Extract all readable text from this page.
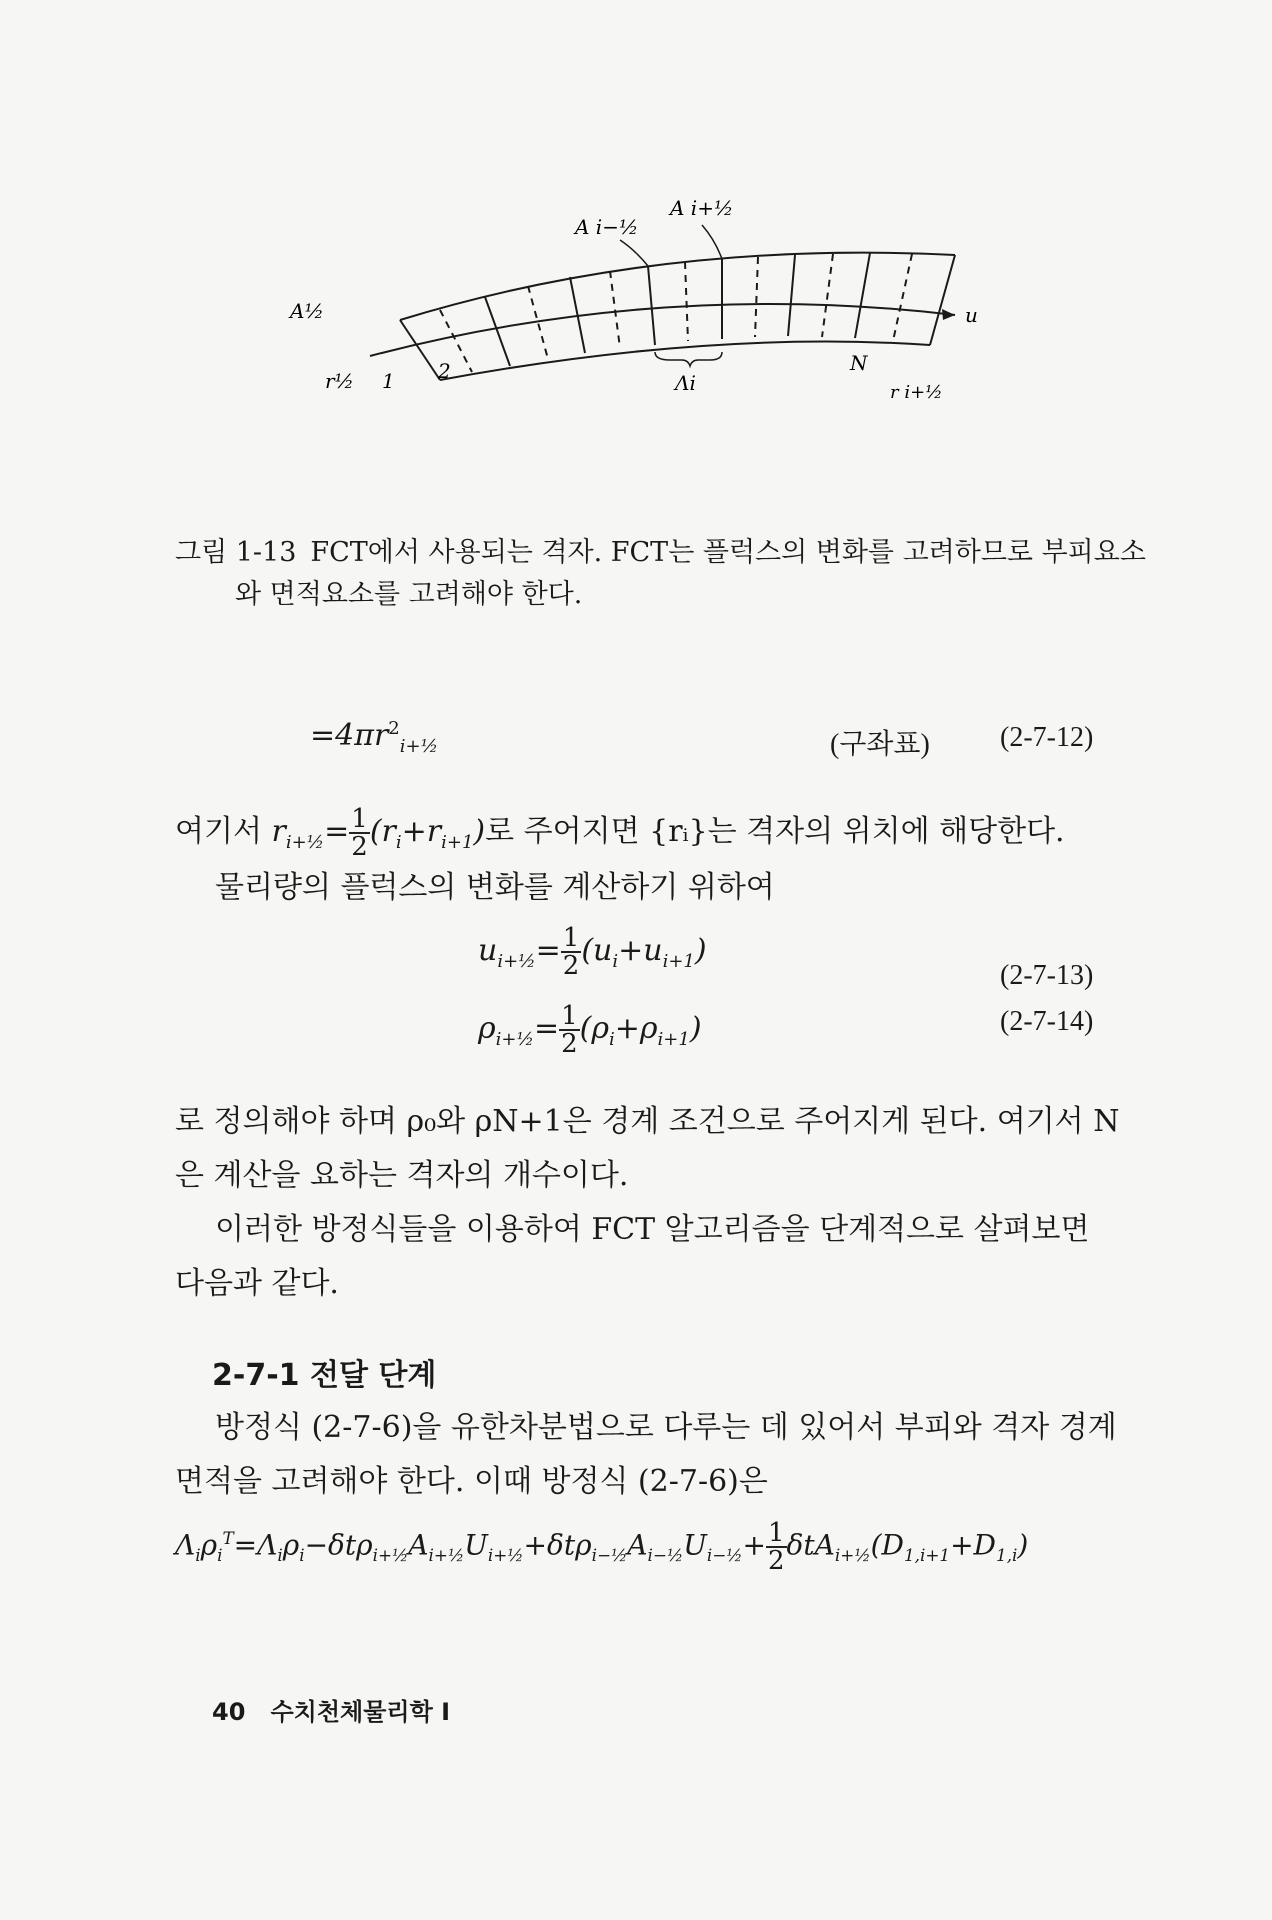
A½
A i−½
A i+½
u
r½ 1 2	Λi
N
r i+½
그림 1-13 FCT에서 사용되는 격자. FCT는 플럭스의 변화를 고려하므로 부피요소
와 면적요소를 고려해야 한다.
$=4\pi r^2_{i+\frac{1}{2}}$	(구좌표)	(2-7-12)
여기서 $r_{i+\frac{1}{2}}= \frac{1}{2} (r_i+r_{i+1})$로 주어지면 {rᵢ}는 격자의 위치에 해당한다.
물리량의 플럭스의 변화를 계산하기 위하여
$u_{i+\frac{1}{2}}= \frac{1}{2} (u_i+u_{i+1})$
(2-7-13)
$\rho_{i+\frac{1}{2}}= \frac{1}{2} (\rho_i+\rho_{i+1})$	(2-7-14)
로 정의해야 하며 ρ₀와 ρN+1은 경계 조건으로 주어지게 된다. 여기서 N
은 계산을 요하는 격자의 개수이다.
이러한 방정식들을 이용하여 FCT 알고리즘을 단계적으로 살펴보면
다음과 같다.
2-7-1 전달 단계
방정식 (2-7-6)을 유한차분법으로 다루는 데 있어서 부피와 격자 경계
면적을 고려해야 한다. 이때 방정식 (2-7-6)은
$\Lambda_i\rho_i^T=\Lambda_i\rho_i-\delta t\rho_{i+\frac{1}{2}}A_{i+\frac{1}{2}}U_{i+\frac{1}{2}}+\delta t\rho_{i-\frac{1}{2}}A_{i-\frac{1}{2}}U_{i-\frac{1}{2}}+ \frac{1}{2} \delta tA_{i+\frac{1}{2}}(D_{1,i+1}+D_{1,i})$
40 수치천체물리학 I
